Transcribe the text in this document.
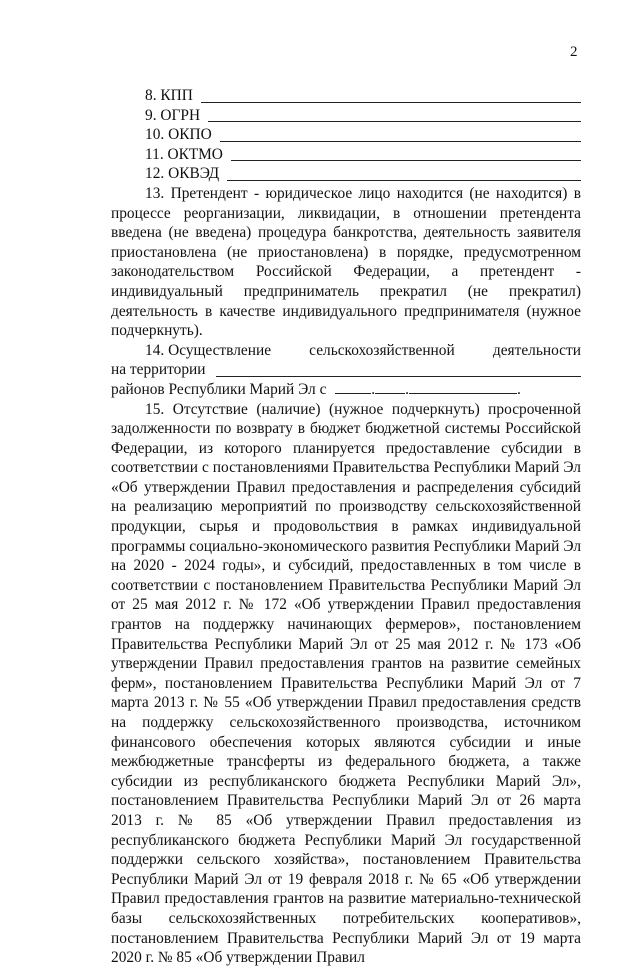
2
8. КПП
9. ОГРН
10. ОКПО
11. ОКТМО
12. ОКВЭД

13. Претендент - юридическое лицо находится (не находится) в процессе реорганизации, ликвидации, в отношении претендента введена (не введена) процедура банкротства, деятельность заявителя приостановлена (не приостановлена) в порядке, предусмотренном законодательством Российской Федерации, а претендент - индивидуальный предприниматель прекратил (не прекратил) деятельность в качестве индивидуального предпринимателя (нужное подчеркнуть).

14. Осуществление сельскохозяйственной деятельности
на территории
районов Республики Марий Эл с	. .	.

15. Отсутствие (наличие) (нужное подчеркнуть) просроченной задолженности по возврату в бюджет бюджетной системы Российской Федерации, из которого планируется предоставление субсидии в соответствии с постановлениями Правительства Республики Марий Эл «Об утверждении Правил предоставления и распределения субсидий на реализацию мероприятий по производству сельскохозяйственной продукции, сырья и продовольствия в рамках индивидуальной программы социально-экономического развития Республики Марий Эл на 2020 - 2024 годы», и субсидий, предоставленных в том числе в соответствии с постановлением Правительства Республики Марий Эл от 25 мая 2012 г. № 172 «Об утверждении Правил предоставления грантов на поддержку начинающих фермеров», постановлением Правительства Республики Марий Эл от 25 мая 2012 г. № 173 «Об утверждении Правил предоставления грантов на развитие семейных ферм», постановлением Правительства Республики Марий Эл от 7 марта 2013 г. № 55 «Об утверждении Правил предоставления средств на поддержку сельскохозяйственного производства, источником финансового обеспечения которых являются субсидии и иные межбюджетные трансферты из федерального бюджета, а также субсидии из республиканского бюджета Республики Марий Эл», постановлением Правительства Республики Марий Эл от 26 марта 2013 г. № 85 «Об утверждении Правил предоставления из республиканского бюджета Республики Марий Эл государственной поддержки сельского хозяйства», постановлением Правительства Республики Марий Эл от 19 февраля 2018 г. № 65 «Об утверждении Правил предоставления грантов на развитие материально-технической базы сельскохозяйственных потребительских кооперативов», постановлением Правительства Республики Марий Эл от 19 марта 2020 г. № 85 «Об утверждении Правил
